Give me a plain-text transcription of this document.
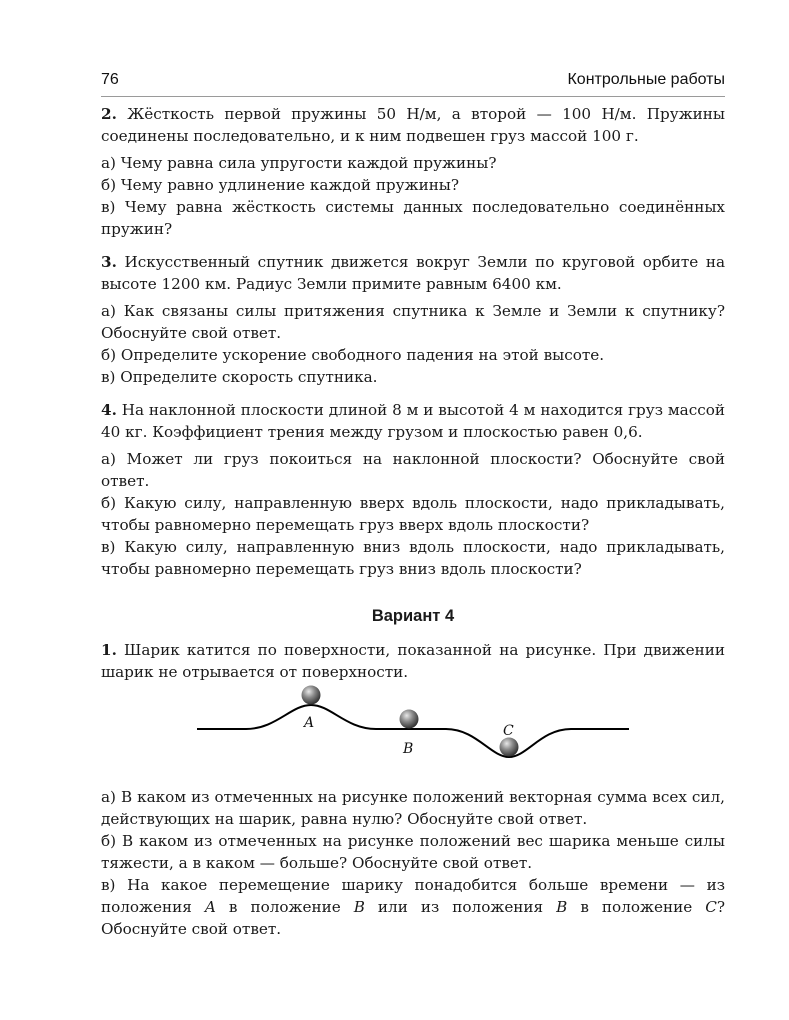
76	Контрольные работы

2. Жёсткость первой пружины 50 Н/м, а второй — 100 Н/м. Пружины соединены последовательно, и к ним подвешен груз массой 100 г.

а) Чему равна сила упругости каждой пружины?

б) Чему равно удлинение каждой пружины?

в) Чему равна жёсткость системы данных последовательно соединённых пружин?

3. Искусственный спутник движется вокруг Земли по круговой орбите на высоте 1200 км. Радиус Земли примите равным 6400 км.

а) Как связаны силы притяжения спутника к Земле и Земли к спутнику? Обоснуйте свой ответ.

б) Определите ускорение свободного падения на этой высоте.

в) Определите скорость спутника.

4. На наклонной плоскости длиной 8 м и высотой 4 м находится груз массой 40 кг. Коэффициент трения между грузом и плоскостью равен 0,6.

а) Может ли груз покоиться на наклонной плоскости? Обоснуйте свой ответ.

б) Какую силу, направленную вверх вдоль плоскости, надо прикладывать, чтобы равномерно перемещать груз вверх вдоль плоскости?

в) Какую силу, направленную вниз вдоль плоскости, надо прикладывать, чтобы равномерно перемещать груз вниз вдоль плоскости?

Вариант 4

1. Шарик катится по поверхности, показанной на рисунке. При движении шарик не отрывается от поверхности.

A
B
C

а) В каком из отмеченных на рисунке положений векторная сумма всех сил, действующих на шарик, равна нулю? Обоснуйте свой ответ.

б) В каком из отмеченных на рисунке положений вес шарика меньше силы тяжести, а в каком — больше? Обоснуйте свой ответ.

в) На какое перемещение шарику понадобится больше времени — из положения A в положение B или из положения B в положение C? Обоснуйте свой ответ.
